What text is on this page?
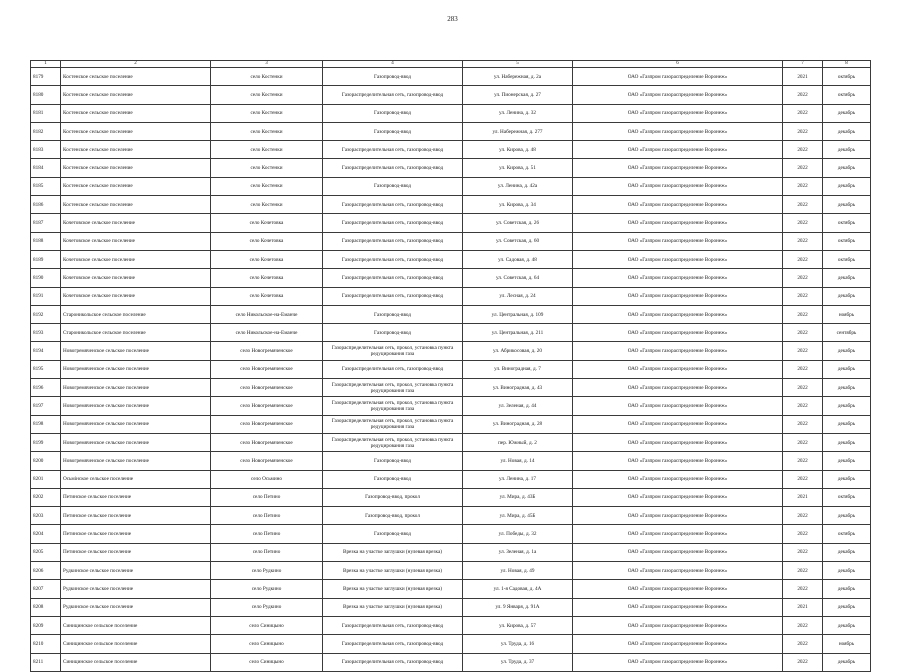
283
1	2	3	4	5	6	7	8
8179	Костенское сельское поселение	село Костенки	Газопровод-ввод	ул. Набережная, д. 2а	ОАО «Газпром газораспределение Воронеж»	2021	октябрь
8180	Костенское сельское поселение	село Костенки	Газораспределительная сеть, газопровод-ввод	ул. Пионерская, д. 27	ОАО «Газпром газораспределение Воронеж»	2022	октябрь
8181	Костенское сельское поселение	село Костенки	Газопровод-ввод	ул. Ленина, д. 32	ОАО «Газпром газораспределение Воронеж»	2022	декабрь
8182	Костенское сельское поселение	село Костенки	Газопровод-ввод	ул. Набережная, д. 277	ОАО «Газпром газораспределение Воронеж»	2022	декабрь
8183	Костенское сельское поселение	село Костенки	Газораспределительная сеть, газопровод-ввод	ул. Кирова, д. 48	ОАО «Газпром газораспределение Воронеж»	2022	декабрь
8184	Костенское сельское поселение	село Костенки	Газораспределительная сеть, газопровод-ввод	ул. Кирова, д. 51	ОАО «Газпром газораспределение Воронеж»	2022	декабрь
8185	Костенское сельское поселение	село Костенки	Газопровод-ввод	ул. Ленина, д. 42а	ОАО «Газпром газораспределение Воронеж»	2022	декабрь
8186	Костенское сельское поселение	село Костенки	Газораспределительная сеть, газопровод-ввод	ул. Кирова, д. 34	ОАО «Газпром газораспределение Воронеж»	2022	декабрь
8187	Кочетовское сельское поселение	село Кочетовка	Газораспределительная сеть, газопровод-ввод	ул. Советская, д. 26	ОАО «Газпром газораспределение Воронеж»	2022	октябрь
8188	Кочетовское сельское поселение	село Кочетовка	Газораспределительная сеть, газопровод-ввод	ул. Советская, д. 60	ОАО «Газпром газораспределение Воронеж»	2022	октябрь
8189	Кочетовское сельское поселение	село Кочетовка	Газораспределительная сеть, газопровод-ввод	ул. Садовая, д. 48	ОАО «Газпром газораспределение Воронеж»	2022	октябрь
8190	Кочетовское сельское поселение	село Кочетовка	Газораспределительная сеть, газопровод-ввод	ул. Советская, д. 64	ОАО «Газпром газораспределение Воронеж»	2022	декабрь
8191	Кочетовское сельское поселение	село Кочетовка	Газораспределительная сеть, газопровод-ввод	ул. Лесная, д. 24	ОАО «Газпром газораспределение Воронеж»	2022	декабрь
8192	Староникольское сельское поселение	село Никольское-на-Еманче	Газопровод-ввод	ул. Центральная, д. 109	ОАО «Газпром газораспределение Воронеж»	2022	ноябрь
8193	Староникольское сельское поселение	село Никольское-на-Еманче	Газопровод-ввод	ул. Центральная, д. 211	ОАО «Газпром газораспределение Воронеж»	2022	сентябрь
8194	Новогремяченское сельское поселение	село Новогремяченское	Газораспределительная сеть, прокол, установка пункта редуцирования газа	ул. Абрикосовая, д. 20	ОАО «Газпром газораспределение Воронеж»	2022	декабрь
8195	Новогремяченское сельское поселение	село Новогремяченское	Газораспределительная сеть, газопровод-ввод	ул. Виноградная, д. 7	ОАО «Газпром газораспределение Воронеж»	2022	декабрь
8196	Новогремяченское сельское поселение	село Новогремяченское	Газораспределительная сеть, прокол, установка пункта редуцирования газа	ул. Виноградная, д. 43	ОАО «Газпром газораспределение Воронеж»	2022	декабрь
8197	Новогремяченское сельское поселение	село Новогремяченское	Газораспределительная сеть, прокол, установка пункта редуцирования газа	ул. Зеленая, д. 44	ОАО «Газпром газораспределение Воронеж»	2022	декабрь
8198	Новогремяченское сельское поселение	село Новогремяченское	Газораспределительная сеть, прокол, установка пункта редуцирования газа	ул. Виноградная, д. 28	ОАО «Газпром газораспределение Воронеж»	2022	декабрь
8199	Новогремяченское сельское поселение	село Новогремяченское	Газораспределительная сеть, прокол, установка пункта редуцирования газа	пер. Южный, д. 2	ОАО «Газпром газораспределение Воронеж»	2022	декабрь
8200	Новогремяченское сельское поселение	село Новогремяченское	Газопровод-ввод	ул. Новая, д. 14	ОАО «Газпром газораспределение Воронеж»	2022	декабрь
8201	Осьмінское сельское поселение	село Осьмино	Газопровод-ввод	ул. Ленина, д. 17	ОАО «Газпром газораспределение Воронеж»	2022	декабрь
8202	Петинское сельское поселение	село Петино	Газопровод-ввод, прокол	ул. Мира, д. 43Б	ОАО «Газпром газораспределение Воронеж»	2021	октябрь
8203	Петинское сельское поселение	село Петино	Газопровод-ввод, прокол	ул. Мира, д. 45Б	ОАО «Газпром газораспределение Воронеж»	2022	декабрь
8204	Петинское сельское поселение	село Петино	Газопровод-ввод	ул. Победы, д. 32	ОАО «Газпром газораспределение Воронеж»	2022	октябрь
8205	Петинское сельское поселение	село Петино	Врезка на участке заглушки (нулевая врезка)	ул. Зеленая, д. 1а	ОАО «Газпром газораспределение Воронеж»	2022	декабрь
8206	Рудкинское сельское поселение	село Рудкино	Врезка на участке заглушки (нулевая врезка)	ул. Новая, д. 49	ОАО «Газпром газораспределение Воронеж»	2022	декабрь
8207	Рудкинское сельское поселение	село Рудкино	Врезка на участке заглушки (нулевая врезка)	ул. 1-я Садовая, д. 4А	ОАО «Газпром газораспределение Воронеж»	2022	декабрь
8208	Рудкинское сельское поселение	село Рудкино	Врезка на участке заглушки (нулевая врезка)	ул. 9 Января, д. 91А	ОАО «Газпром газораспределение Воронеж»	2021	декабрь
8209	Синицинское сельское поселение	село Синицыно	Газораспределительная сеть, газопровод-ввод	ул. Кирова, д. 57	ОАО «Газпром газораспределение Воронеж»	2022	декабрь
8210	Синицинское сельское поселение	село Синицыно	Газораспределительная сеть, газопровод-ввод	ул. Труда, д. 16	ОАО «Газпром газораспределение Воронеж»	2022	ноябрь
8211	Синицинское сельское поселение	село Синицыно	Газораспределительная сеть, газопровод-ввод	ул. Труда, д. 37	ОАО «Газпром газораспределение Воронеж»	2022	декабрь
